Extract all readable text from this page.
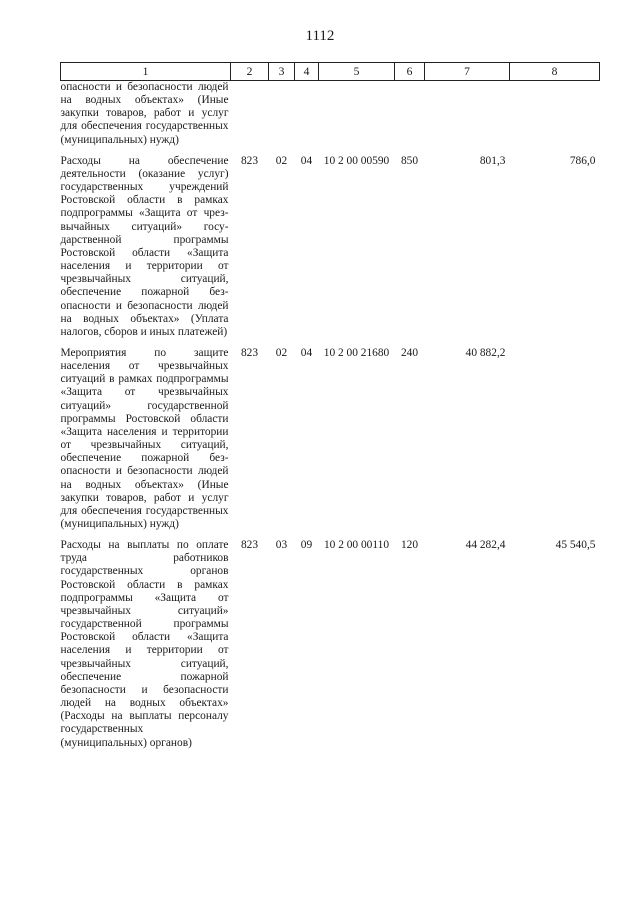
1112
1	2	3	4	5	6	7	8
опасности и безопасности людей на водных объектах» (Иные закупки товаров, работ и услуг для обеспечения государственных (муниципальных) нужд)							

Расходы на обеспечение деятельности (оказание услуг) государственных учреждений Ростовской области в рамках подпрограммы «Защита от чрезвычайных ситуаций» государственной программы Ростовской области «Защита населения и территории от чрезвычайных ситуаций, обеспечение пожарной безопасности и безопасности людей на водных объектах» (Уплата налогов, сборов и иных платежей)	823	02	04	10 2 00 00590	850	801,3	786,0

Мероприятия по защите населения от чрезвычайных ситуаций в рамках подпрограммы «Защита от чрезвычайных ситуаций» государственной программы Ростовской области «Защита населения и территории от чрезвычайных ситуаций, обеспечение пожарной безопасности и безопасности людей на водных объектах» (Иные закупки товаров, работ и услуг для обеспечения государственных (муниципальных) нужд)	823	02	04	10 2 00 21680	240	40 882,2	

Расходы на выплаты по оплате труда работников государственных органов Ростовской области в рамках подпрограммы «Защита от чрезвычайных ситуаций» государственной программы Ростовской области «Защита населения и территории от чрезвычайных ситуаций, обеспечение пожарной безопасности и безопасности людей на водных объектах» (Расходы на выплаты персоналу государственных (муниципальных) органов)	823	03	09	10 2 00 00110	120	44 282,4	45 540,5
